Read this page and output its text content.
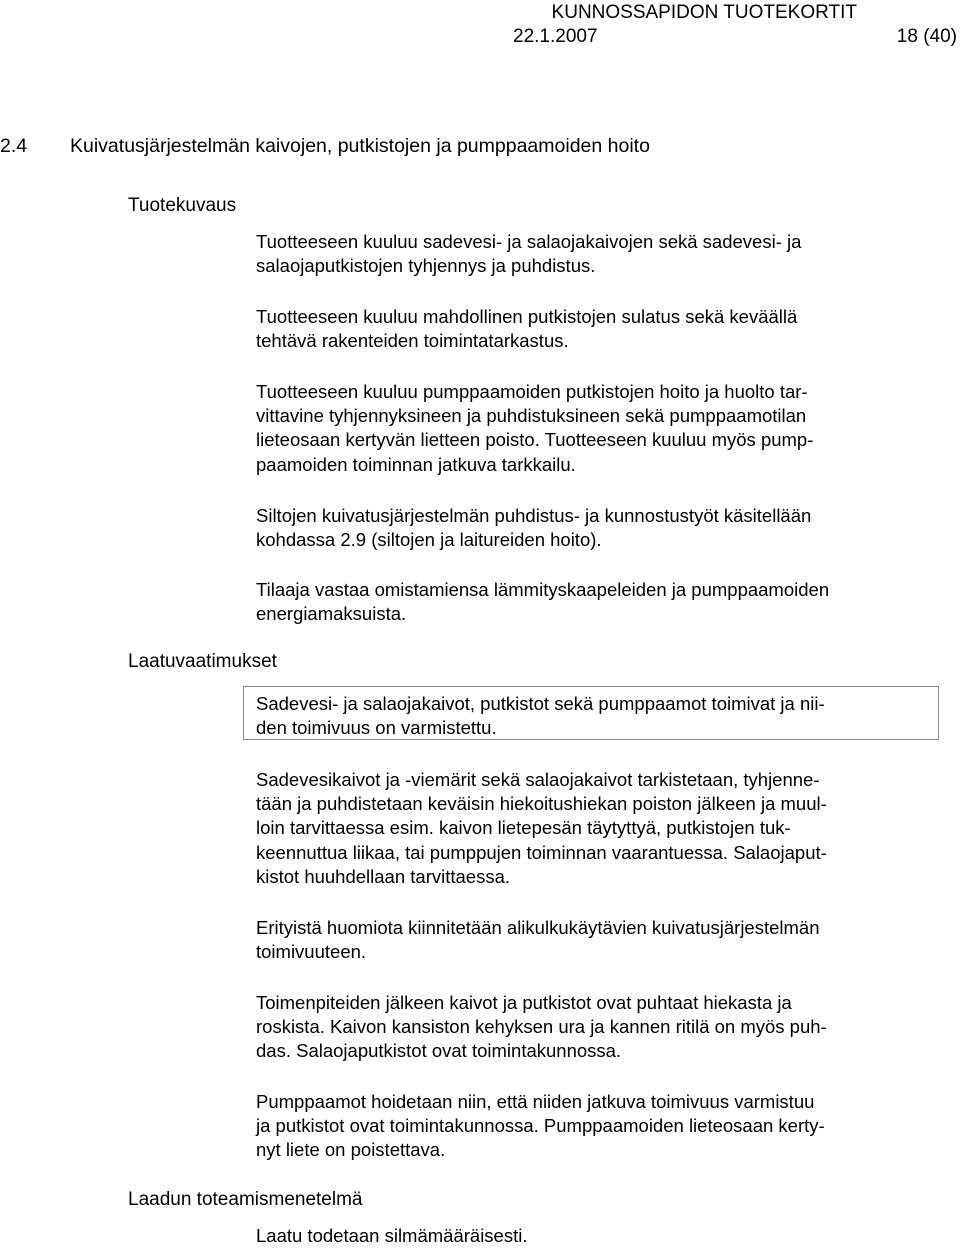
KUNNOSSAPIDON TUOTEKORTIT
22.1.2007	18 (40)
2.4 Kuivatusjärjestelmän kaivojen, putkistojen ja pumppaamoiden hoito
Tuotekuvaus
Laatuvaatimukset
Laadun toteamismenetelmä

Tuotteeseen kuuluu sadevesi- ja salaojakaivojen sekä sadevesi- ja
salaojaputkistojen tyhjennys ja puhdistus.

Tuotteeseen kuuluu mahdollinen putkistojen sulatus sekä keväällä
tehtävä rakenteiden toimintatarkastus.

Tuotteeseen kuuluu pumppaamoiden putkistojen hoito ja huolto tar-
vittavine tyhjennyksineen ja puhdistuksineen sekä pumppaamotilan
lieteosaan kertyvän lietteen poisto. Tuotteeseen kuuluu myös pump-
paamoiden toiminnan jatkuva tarkkailu.

Siltojen kuivatusjärjestelmän puhdistus- ja kunnostustyöt käsitellään
kohdassa 2.9 (siltojen ja laitureiden hoito).

Tilaaja vastaa omistamiensa lämmityskaapeleiden ja pumppaamoiden
energiamaksuista.

Sadevesi- ja salaojakaivot, putkistot sekä pumppaamot toimivat ja nii-
den toimivuus on varmistettu.

Sadevesikaivot ja -viemärit sekä salaojakaivot tarkistetaan, tyhjenne-
tään ja puhdistetaan keväisin hiekoitushiekan poiston jälkeen ja muul-
loin tarvittaessa esim. kaivon lietepesän täytyttyä, putkistojen tuk-
keennuttua liikaa, tai pumppujen toiminnan vaarantuessa. Salaojaput-
kistot huuhdellaan tarvittaessa.

Erityistä huomiota kiinnitetään alikulkukäytävien kuivatusjärjestelmän
toimivuuteen.

Toimenpiteiden jälkeen kaivot ja putkistot ovat puhtaat hiekasta ja
roskista. Kaivon kansiston kehyksen ura ja kannen ritilä on myös puh-
das. Salaojaputkistot ovat toimintakunnossa.

Pumppaamot hoidetaan niin, että niiden jatkuva toimivuus varmistuu
ja putkistot ovat toimintakunnossa. Pumppaamoiden lieteosaan kerty-
nyt liete on poistettava.

Laatu todetaan silmämääräisesti.
